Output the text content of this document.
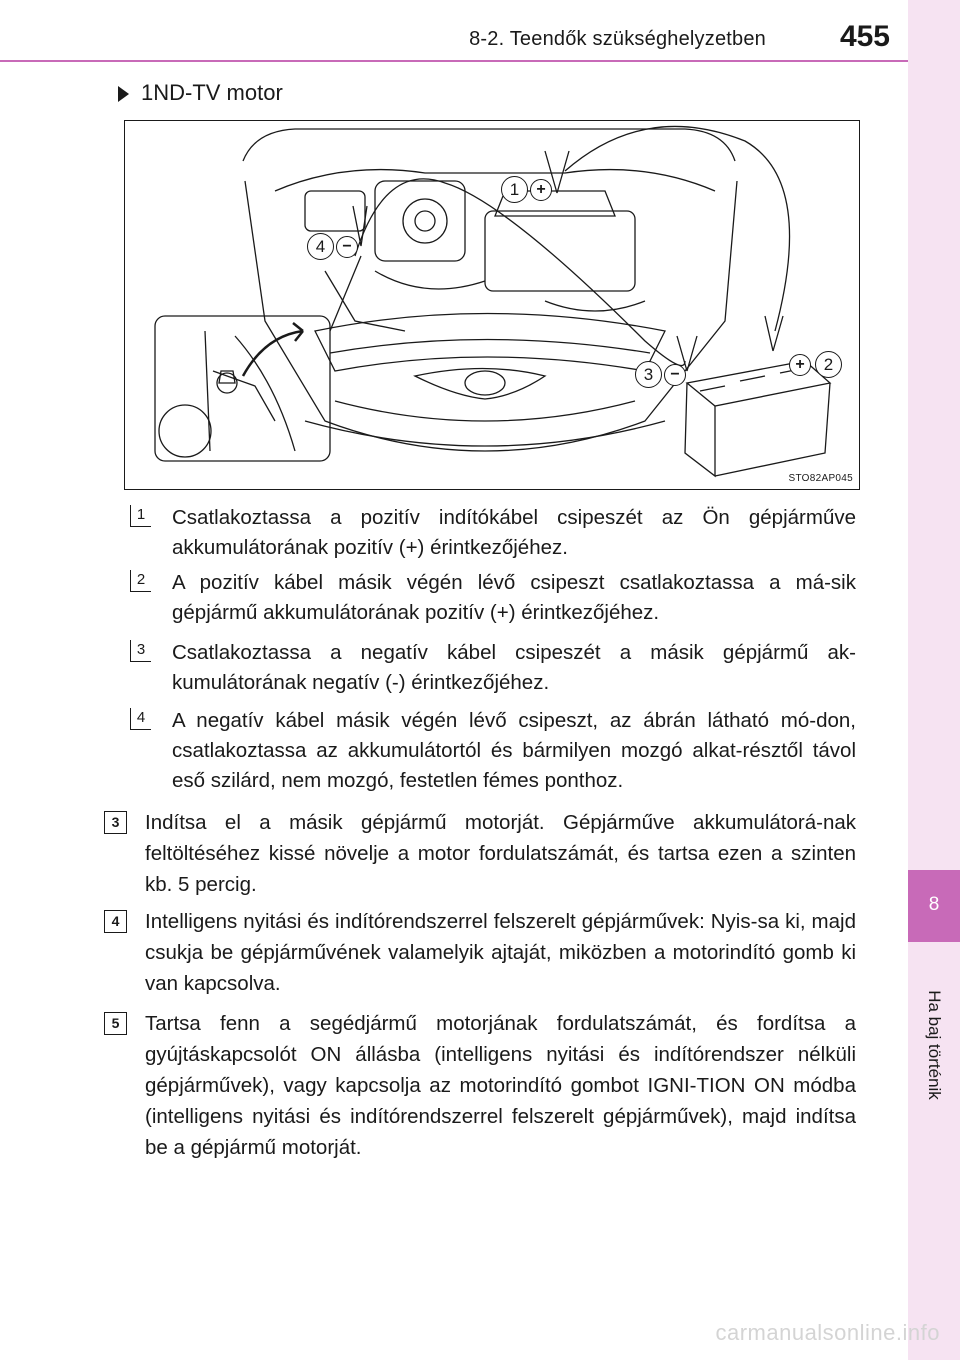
8-2. Teendők szükséghelyzetben 455
8
Ha baj történik
1ND-TV motor
1	+
2
+
3	−
4	−
STO82AP045
1 Csatlakoztassa a pozitív indítókábel csipeszét az Ön gépjárműve akkumulátorának pozitív (+) érintkezőjéhez.
2 A pozitív kábel másik végén lévő csipeszt csatlakoztassa a má-sik gépjármű akkumulátorának pozitív (+) érintkezőjéhez.
3 Csatlakoztassa a negatív kábel csipeszét a másik gépjármű ak-kumulátorának negatív (-) érintkezőjéhez.
4 A negatív kábel másik végén lévő csipeszt, az ábrán látható mó-don, csatlakoztassa az akkumulátortól és bármilyen mozgó alkat-résztől távol eső szilárd, nem mozgó, festetlen fémes ponthoz.
3	Indítsa el a másik gépjármű motorját. Gépjárműve akkumulátorá-nak feltöltéséhez kissé növelje a motor fordulatszámát, és tartsa ezen a szinten kb. 5 percig.
4	Intelligens nyitási és indítórendszerrel felszerelt gépjárművek: Nyis-sa ki, majd csukja be gépjárművének valamelyik ajtaját, miközben a motorindító gomb ki van kapcsolva.
5	Tartsa fenn a segédjármű motorjának fordulatszámát, és fordítsa a gyújtáskapcsolót ON állásba (intelligens nyitási és indítórendszer nélküli gépjárművek), vagy kapcsolja az motorindító gombot IGNI-TION ON módba (intelligens nyitási és indítórendszerrel felszerelt gépjárművek), majd indítsa be a gépjármű motorját.
carmanualsonline.info
